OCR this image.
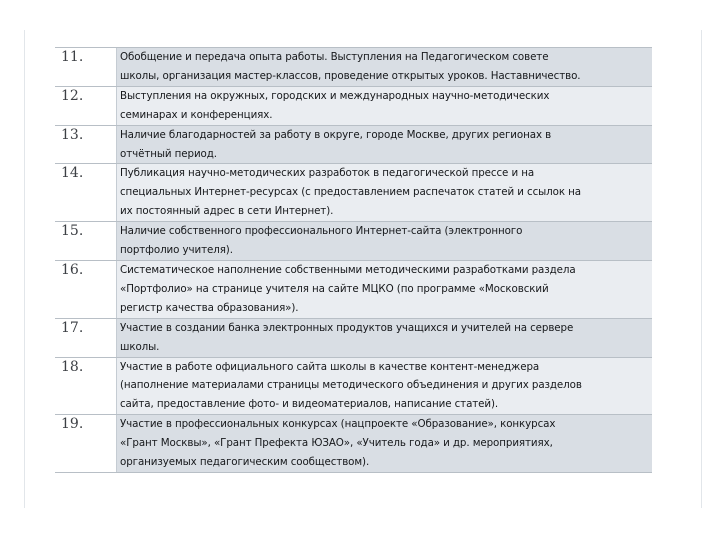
11.	Обобщение и передача опыта работы. Выступления на Педагогическом совете
школы, организация мастер-классов, проведение открытых уроков. Наставничество.
12.	Выступления на окружных, городских и международных научно-методических
семинарах и конференциях.
13.	Наличие благодарностей за работу в округе, городе Москве, других регионах в
отчётный период.
14.	Публикация научно-методических разработок в педагогической прессе и на
специальных Интернет-ресурсах (с предоставлением распечаток статей и ссылок на
их постоянный адрес в сети Интернет).
15.	Наличие собственного профессионального Интернет-сайта (электронного
портфолио учителя).
16.	Систематическое наполнение собственными методическими разработками раздела
«Портфолио» на странице учителя на сайте МЦКО (по программе «Московский
регистр качества образования»).
17.	Участие в создании банка электронных продуктов учащихся и учителей на сервере
школы.
18.	Участие в работе официального сайта школы в качестве контент-менеджера
(наполнение материалами страницы методического объединения и других разделов
сайта, предоставление фото- и видеоматериалов, написание статей).
19.	Участие в профессиональных конкурсах (нацпроекте «Образование», конкурсах
«Грант Москвы», «Грант Префекта ЮЗАО», «Учитель года» и др. мероприятиях,
организуемых педагогическим сообществом).
